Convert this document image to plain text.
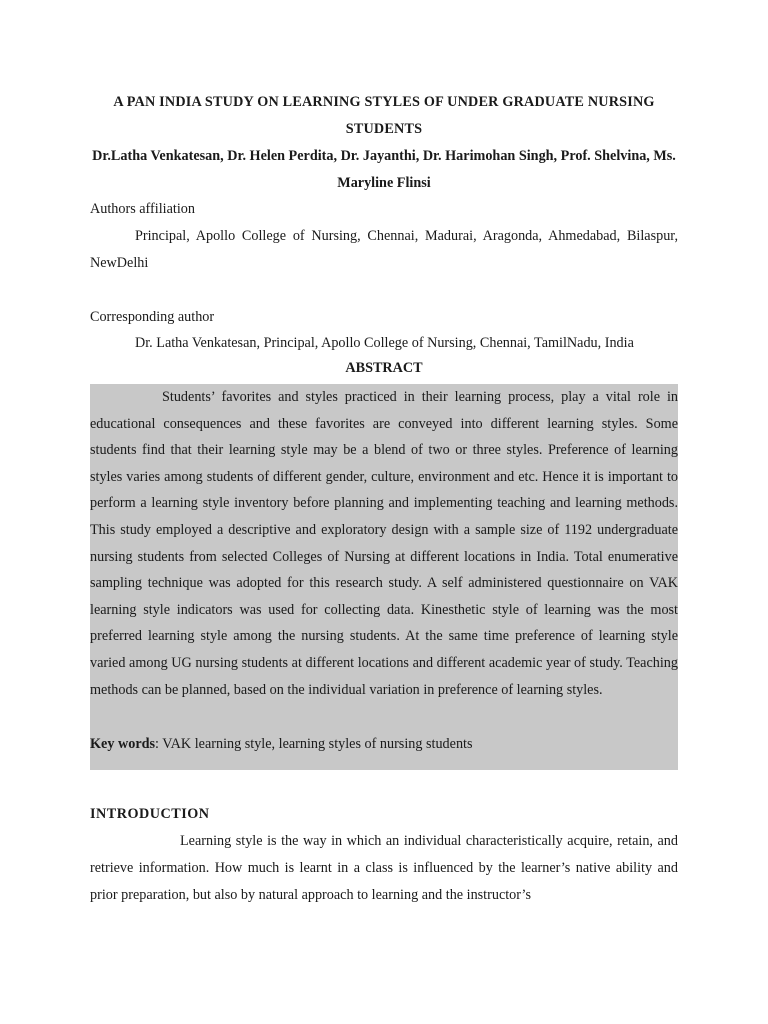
A PAN INDIA STUDY ON LEARNING STYLES OF UNDER GRADUATE NURSING STUDENTS
Dr.Latha Venkatesan, Dr. Helen Perdita, Dr. Jayanthi, Dr. Harimohan Singh, Prof. Shelvina, Ms. Maryline Flinsi
Authors affiliation
Principal, Apollo College of Nursing, Chennai, Madurai, Aragonda, Ahmedabad, Bilaspur, NewDelhi
Corresponding author
Dr. Latha Venkatesan, Principal, Apollo College of Nursing, Chennai, TamilNadu, India
ABSTRACT
Students’ favorites and styles practiced in their learning process, play a vital role in educational consequences and these favorites are conveyed into different learning styles. Some students find that their learning style may be a blend of two or three styles. Preference of learning styles varies among students of different gender, culture, environment and etc. Hence it is important to perform a learning style inventory before planning and implementing teaching and learning methods. This study employed a descriptive and exploratory design with a sample size of 1192 undergraduate nursing students from selected Colleges of Nursing at different locations in India. Total enumerative sampling technique was adopted for this research study. A self administered questionnaire on VAK learning style indicators was used for collecting data. Kinesthetic style of learning was the most preferred learning style among the nursing students. At the same time preference of learning style varied among UG nursing students at different locations and different academic year of study. Teaching methods can be planned, based on the individual variation in preference of learning styles.
Key words: VAK learning style, learning styles of nursing students
INTRODUCTION
Learning style is the way in which an individual characteristically acquire, retain, and retrieve information. How much is learnt in a class is influenced by the learner’s native ability and prior preparation, but also by natural approach to learning and the instructor’s
